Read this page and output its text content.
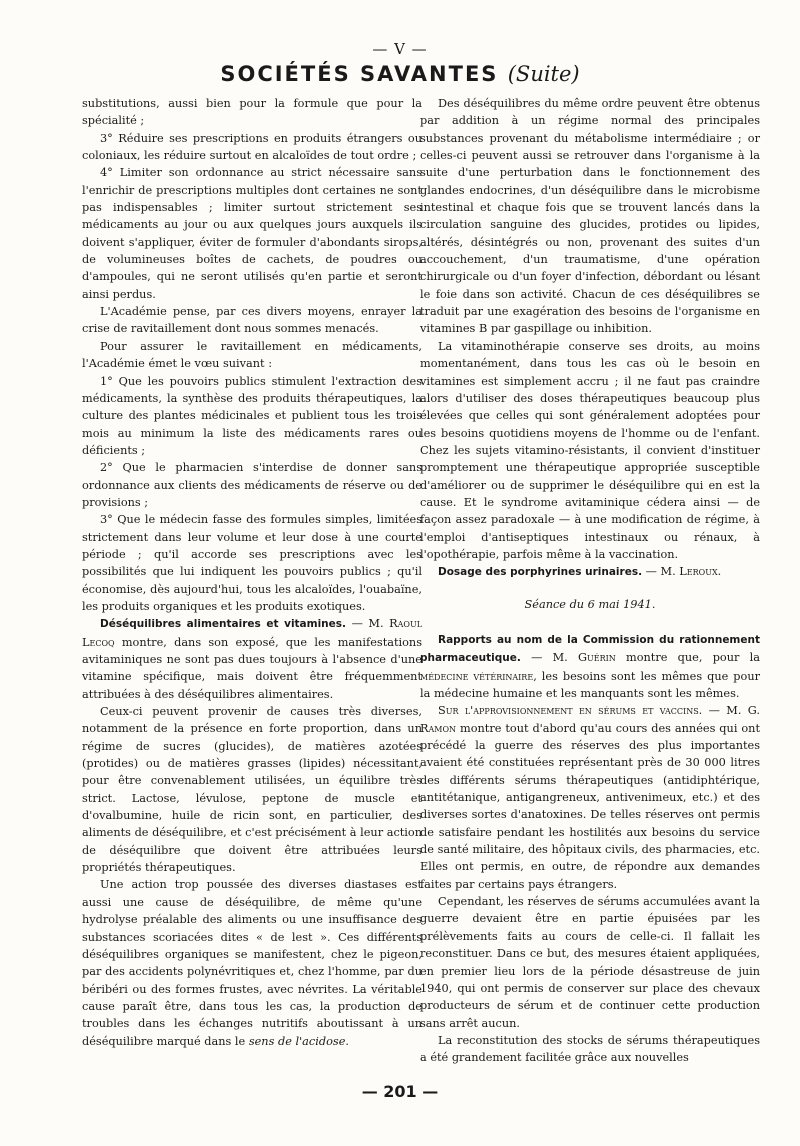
— V —
SOCIÉTÉS SAVANTES (Suite)

substitutions, aussi bien pour la formule que pour la spécialité ;

3° Réduire ses prescriptions en produits étrangers ou coloniaux, les réduire surtout en alcaloïdes de tout ordre ;

4° Limiter son ordonnance au strict nécessaire sans l'enrichir de prescriptions multiples dont certaines ne sont pas indispensables ; limiter surtout strictement ses médicaments au jour ou aux quelques jours auxquels ils doivent s'appliquer, éviter de formuler d'abondants sirops, de volumineuses boîtes de cachets, de poudres ou d'ampoules, qui ne seront utilisés qu'en partie et seront ainsi perdus.

L'Académie pense, par ces divers moyens, enrayer la crise de ravitaillement dont nous sommes menacés.

Pour assurer le ravitaillement en médicaments, l'Académie émet le vœu suivant :

1° Que les pouvoirs publics stimulent l'extraction des médicaments, la synthèse des produits thérapeutiques, la culture des plantes médicinales et publient tous les trois mois au minimum la liste des médicaments rares ou déficients ;

2° Que le pharmacien s'interdise de donner sans ordonnance aux clients des médicaments de réserve ou de provisions ;

3° Que le médecin fasse des formules simples, limitées strictement dans leur volume et leur dose à une courte période ; qu'il accorde ses prescriptions avec les possibilités que lui indiquent les pouvoirs publics ; qu'il économise, dès aujourd'hui, tous les alcaloïdes, l'ouabaïne, les produits organiques et les produits exotiques.

Déséquilibres alimentaires et vitamines. — M. Raoul Lecoq montre, dans son exposé, que les manifestations avitaminiques ne sont pas dues toujours à l'absence d'une vitamine spécifique, mais doivent être fréquemment attribuées à des déséquilibres alimentaires.

Ceux-ci peuvent provenir de causes très diverses, notamment de la présence en forte proportion, dans un régime de sucres (glucides), de matières azotées (protides) ou de matières grasses (lipides) nécessitant, pour être convenablement utilisées, un équilibre très strict. Lactose, lévulose, peptone de muscle et d'ovalbumine, huile de ricin sont, en particulier, des aliments de déséquilibre, et c'est précisément à leur action de déséquilibre que doivent être attribuées leurs propriétés thérapeutiques.

Une action trop poussée des diverses diastases est aussi une cause de déséquilibre, de même qu'une hydrolyse préalable des aliments ou une insuffisance des substances scoriacées dites « de lest ». Ces différents déséquilibres organiques se manifestent, chez le pigeon, par des accidents polynévritiques et, chez l'homme, par du béribéri ou des formes frustes, avec névrites. La véritable cause paraît être, dans tous les cas, la production de troubles dans les échanges nutritifs aboutissant à un déséquilibre marqué dans le sens de l'acidose.

Des déséquilibres du même ordre peuvent être obtenus par addition à un régime normal des principales substances provenant du métabolisme intermédiaire ; or celles-ci peuvent aussi se retrouver dans l'organisme à la suite d'une perturbation dans le fonctionnement des glandes endocrines, d'un déséquilibre dans le microbisme intestinal et chaque fois que se trouvent lancés dans la circulation sanguine des glucides, protides ou lipides, altérés, désintégrés ou non, provenant des suites d'un accouchement, d'un traumatisme, d'une opération chirurgicale ou d'un foyer d'infection, débordant ou lésant le foie dans son activité. Chacun de ces déséquilibres se traduit par une exagération des besoins de l'organisme en vitamines B par gaspillage ou inhibition.

La vitaminothérapie conserve ses droits, au moins momentanément, dans tous les cas où le besoin en vitamines est simplement accru ; il ne faut pas craindre alors d'utiliser des doses thérapeutiques beaucoup plus élevées que celles qui sont généralement adoptées pour les besoins quotidiens moyens de l'homme ou de l'enfant. Chez les sujets vitamino-résistants, il convient d'instituer promptement une thérapeutique appropriée susceptible d'améliorer ou de supprimer le déséquilibre qui en est la cause. Et le syndrome avitaminique cédera ainsi — de façon assez paradoxale — à une modification de régime, à l'emploi d'antiseptiques intestinaux ou rénaux, à l'opothérapie, parfois même à la vaccination.

Dosage des porphyrines urinaires. — M. Leroux.

Séance du 6 mai 1941.

Rapports au nom de la Commission du rationnement pharmaceutique. — M. Guérin montre que, pour la médecine vétérinaire, les besoins sont les mêmes que pour la médecine humaine et les manquants sont les mêmes.

Sur l'approvisionnement en sérums et vaccins. — M. G. Ramon montre tout d'abord qu'au cours des années qui ont précédé la guerre des réserves des plus importantes avaient été constituées représentant près de 30 000 litres des différents sérums thérapeutiques (antidiphtérique, antitétanique, antigangreneux, antivenimeux, etc.) et des diverses sortes d'anatoxines. De telles réserves ont permis de satisfaire pendant les hostilités aux besoins du service de santé militaire, des hôpitaux civils, des pharmacies, etc. Elles ont permis, en outre, de répondre aux demandes faites par certains pays étrangers.

Cependant, les réserves de sérums accumulées avant la guerre devaient être en partie épuisées par les prélèvements faits au cours de celle-ci. Il fallait les reconstituer. Dans ce but, des mesures étaient appliquées, en premier lieu lors de la période désastreuse de juin 1940, qui ont permis de conserver sur place des chevaux producteurs de sérum et de continuer cette production sans arrêt aucun.

La reconstitution des stocks de sérums thérapeutiques a été grandement facilitée grâce aux nouvelles

— 201 —
